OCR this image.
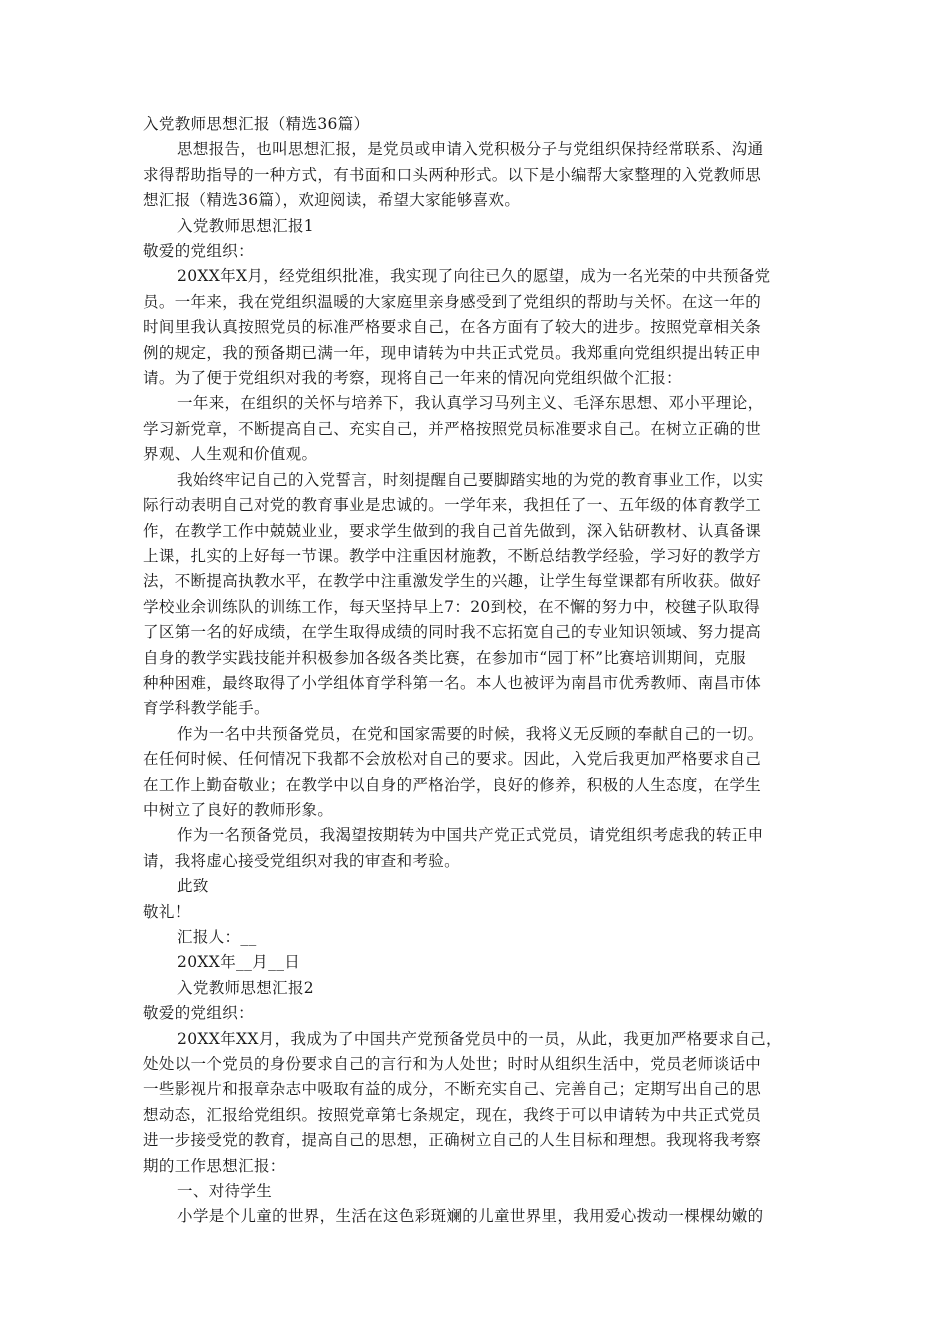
入党教师思想汇报（精选36篇）
思想报告，也叫思想汇报，是党员或申请入党积极分子与党组织保持经常联系、沟通
求得帮助指导的一种方式，有书面和口头两种形式。以下是小编帮大家整理的入党教师思
想汇报（精选36篇），欢迎阅读，希望大家能够喜欢。
入党教师思想汇报1
敬爱的党组织：
20XX年X月，经党组织批准，我实现了向往已久的愿望，成为一名光荣的中共预备党
员。一年来，我在党组织温暖的大家庭里亲身感受到了党组织的帮助与关怀。在这一年的
时间里我认真按照党员的标准严格要求自己，在各方面有了较大的进步。按照党章相关条
例的规定，我的预备期已满一年，现申请转为中共正式党员。我郑重向党组织提出转正申
请。为了便于党组织对我的考察，现将自己一年来的情况向党组织做个汇报：
一年来，在组织的关怀与培养下，我认真学习马列主义、毛泽东思想、邓小平理论，
学习新党章，不断提高自己、充实自己，并严格按照党员标准要求自己。在树立正确的世
界观、人生观和价值观。
我始终牢记自己的入党誓言，时刻提醒自己要脚踏实地的为党的教育事业工作，以实
际行动表明自己对党的教育事业是忠诚的。一学年来，我担任了一、五年级的体育教学工
作，在教学工作中兢兢业业，要求学生做到的我自己首先做到，深入钻研教材、认真备课
上课，扎实的上好每一节课。教学中注重因材施教，不断总结教学经验，学习好的教学方
法，不断提高执教水平，在教学中注重激发学生的兴趣，让学生每堂课都有所收获。做好
学校业余训练队的训练工作，每天坚持早上7：20到校，在不懈的努力中，校毽子队取得
了区第一名的好成绩，在学生取得成绩的同时我不忘拓宽自己的专业知识领域、努力提高
自身的教学实践技能并积极参加各级各类比赛，在参加市“园丁杯”比赛培训期间，克服
种种困难，最终取得了小学组体育学科第一名。本人也被评为南昌市优秀教师、南昌市体
育学科教学能手。
作为一名中共预备党员，在党和国家需要的时候，我将义无反顾的奉献自己的一切。
在任何时候、任何情况下我都不会放松对自己的要求。因此，入党后我更加严格要求自己
在工作上勤奋敬业；在教学中以自身的严格治学，良好的修养，积极的人生态度，在学生
中树立了良好的教师形象。
作为一名预备党员，我渴望按期转为中国共产党正式党员，请党组织考虑我的转正申
请，我将虚心接受党组织对我的审查和考验。
此致
敬礼！
汇报人：__
20XX年__月__日
入党教师思想汇报2
敬爱的党组织：
20XX年XX月，我成为了中国共产党预备党员中的一员，从此，我更加严格要求自己，
处处以一个党员的身份要求自己的言行和为人处世；时时从组织生活中，党员老师谈话中
一些影视片和报章杂志中吸取有益的成分，不断充实自己、完善自己；定期写出自己的思
想动态，汇报给党组织。按照党章第七条规定，现在，我终于可以申请转为中共正式党员
进一步接受党的教育，提高自己的思想，正确树立自己的人生目标和理想。我现将我考察
期的工作思想汇报：
一、对待学生
小学是个儿童的世界，生活在这色彩斑斓的儿童世界里，我用爱心拨动一棵棵幼嫩的
